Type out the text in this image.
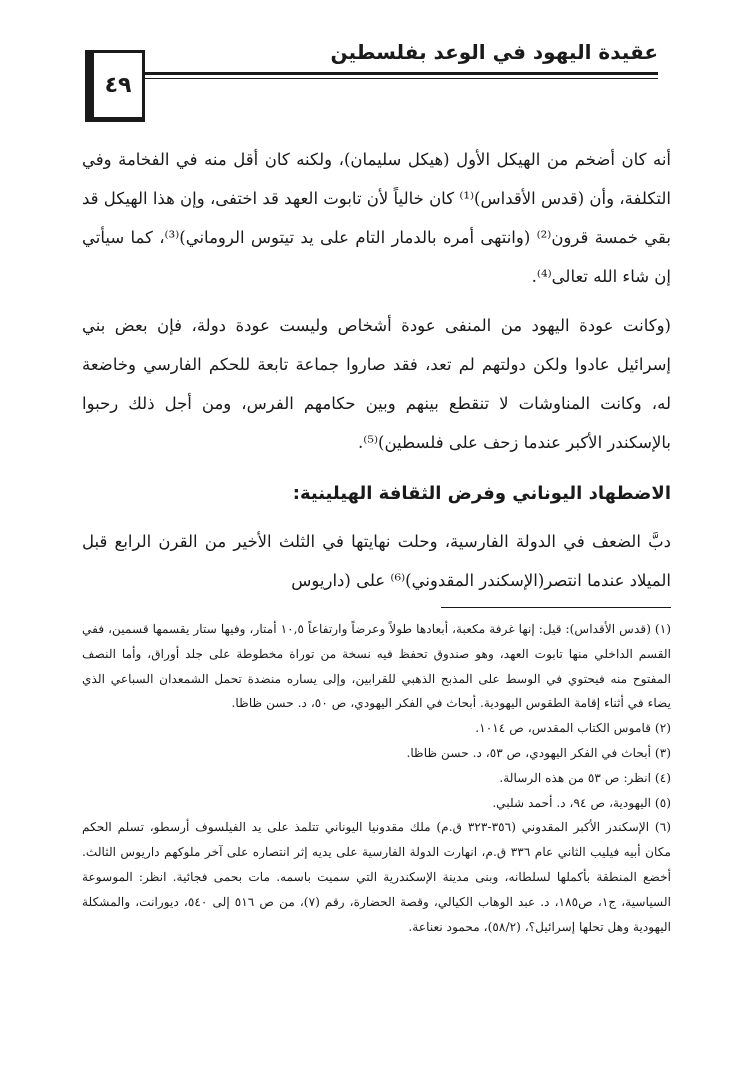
عقيدة اليهود في الوعد بفلسطين
٤٩

أنه كان أضخم من الهيكل الأول (هيكل سليمان)، ولكنه كان أقل منه في الفخامة وفي التكلفة، وأن (قدس الأقداس)⁽¹⁾ كان خالياً لأن تابوت العهد قد اختفى، وإن هذا الهيكل قد بقي خمسة قرون⁽²⁾ (وانتهى أمره بالدمار التام على يد تيتوس الروماني)⁽³⁾، كما سيأتي إن شاء الله تعالى⁽⁴⁾.

(وكانت عودة اليهود من المنفى عودة أشخاص وليست عودة دولة، فإن بعض بني إسرائيل عادوا ولكن دولتهم لم تعد، فقد صاروا جماعة تابعة للحكم الفارسي وخاضعة له، وكانت المناوشات لا تنقطع بينهم وبين حكامهم الفرس، ومن أجل ذلك رحبوا بالإسكندر الأكبر عندما زحف على فلسطين)⁽⁵⁾.

الاضطهاد اليوناني وفرض الثقافة الهيلينية:

دبَّ الضعف في الدولة الفارسية، وحلت نهايتها في الثلث الأخير من القرن الرابع قبل الميلاد عندما انتصر(الإسكندر المقدوني)⁽⁶⁾ على (داريوس

(١) (قدس الأقداس): قيل: إنها غرفة مكعبة، أبعادها طولاً وعرضاً وارتفاعاً ١٠,٥ أمتار، وفيها ستار يقسمها قسمين، ففي القسم الداخلي منها تابوت العهد، وهو صندوق تحفظ فيه نسخة من توراة مخطوطة على جلد أوراق، وأما النصف المفتوح منه فيحتوي في الوسط على المذبح الذهبي للقرابين، وإلى يساره منضدة تحمل الشمعدان السباعي الذي يضاء في أثناء إقامة الطقوس اليهودية. أبحاث في الفكر اليهودي، ص ٥٠، د. حسن ظاظا.
(٢) قاموس الكتاب المقدس، ص ١٠١٤.
(٣) أبحاث في الفكر اليهودي، ص ٥٣، د. حسن ظاظا.
(٤) انظر: ص ٥٣ من هذه الرسالة.
(٥) اليهودية، ص ٩٤، د. أحمد شلبي.
(٦) الإسكندر الأكبر المقدوني (٣٥٦-٣٢٣ ق.م) ملك مقدونيا اليوناني تتلمذ على يد الفيلسوف أرسطو، تسلم الحكم مكان أبيه فيليب الثاني عام ٣٣٦ ق.م، انهارت الدولة الفارسية على يديه إثر انتصاره على آخر ملوكهم داريوس الثالث. أخضع المنطقة بأكملها لسلطانه، وبنى مدينة الإسكندرية التي سميت باسمه. مات بحمى فجائية. انظر: الموسوعة السياسية، ج١، ص١٨٥، د. عبد الوهاب الكيالي، وقصة الحضارة، رقم (٧)، من ص ٥١٦ إلى ٥٤٠، ديورانت، والمشكلة اليهودية وهل تحلها إسرائيل؟، (٥٨/٢)، محمود نعناعة.
